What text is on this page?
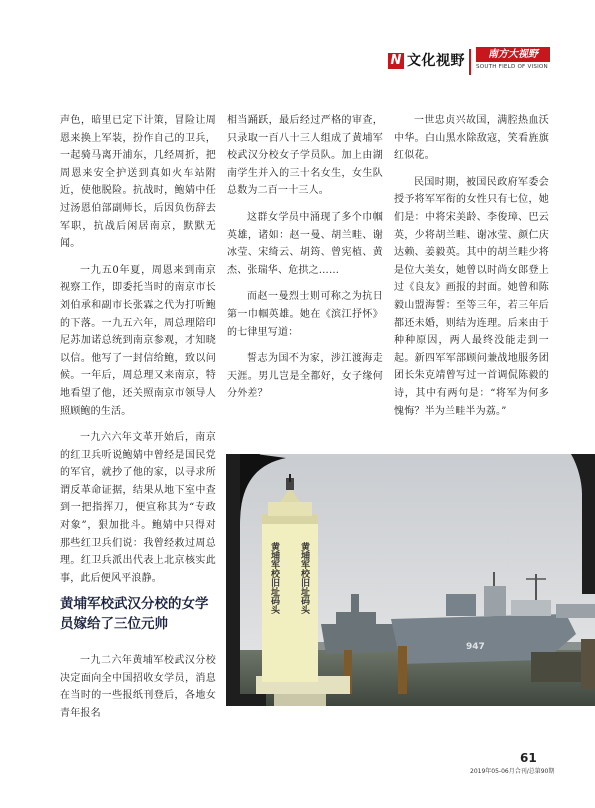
N 文化视野	南方大视野
SOUTH FIELD OF VISION

声色，暗里已定下计策，冒险让周恩来换上军装，扮作自己的卫兵，一起骑马离开浦东，几经周折，把周恩来安全护送到真如火车站附近，使他脱险。抗战时，鲍婧中任过汤恩伯部副师长，后因负伤辞去军职，抗战后闲居南京，默默无闻。

一九五0年夏，周恩来到南京视察工作，即委托当时的南京市长刘伯承和副市长张霖之代为打听鲍的下落。一九五六年，周总理陪印尼苏加诺总统到南京参观，才知晓以信。他写了一封信给鲍，致以问候。一年后，周总理又来南京，特地看望了他，还关照南京市领导人照顾鲍的生活。

一九六六年文革开始后，南京的红卫兵听说鲍婧中曾经是国民党的军官，就抄了他的家，以寻求所谓反革命证据，结果从地下室中查到一把指挥刀，便宣称其为“专政对象”，狠加批斗。鲍婧中只得对那些红卫兵们说：我曾经救过周总理。红卫兵派出代表上北京核实此事，此后便风平浪静。

黄埔军校武汉分校的女学员嫁给了三位元帅

一九二六年黄埔军校武汉分校决定面向全中国招收女学员，消息在当时的一些报纸刊登后，各地女青年报名

相当踊跃，最后经过严格的审查，只录取一百八十三人组成了黄埔军校武汉分校女子学员队。加上由湖南学生并入的三十名女生，女生队总数为二百一十三人。

这群女学员中涌现了多个巾帼英雄，诸如：赵一曼、胡兰畦、谢冰莹、宋绮云、胡筠、曾宪植、黄杰、张瑞华、危拱之……

而赵一曼烈士则可称之为抗日第一巾帼英雄。她在《滨江抒怀》的七律里写道：

誓志为国不为家，涉江渡海走天涯。男儿岂是全都好，女子缘何分外差？

一世忠贞兴故国，满腔热血沃中华。白山黑水除敌寇，笑看旌旗红似花。

民国时期，被国民政府军委会授予将军军衔的女性只有七位，她们是：中将宋美龄、李俊璋、巴云英，少将胡兰畦、谢冰莹、颜仁庆达赖、姜毅英。其中的胡兰畦少将是位大美女，她曾以时尚女郎登上过《良友》画报的封面。她曾和陈毅山盟海誓：至等三年，若三年后都还未婚，则结为连理。后来由于种种原因，两人最终没能走到一起。新四军军部顾问兼战地服务团团长朱克靖曾写过一首调侃陈毅的诗，其中有两句是：“将军为何多愧悔？半为兰畦半为荔。”

947
黄埔军校旧址码头 黄埔军校旧址码头
61
2019年05-06月合刊/总第90期
